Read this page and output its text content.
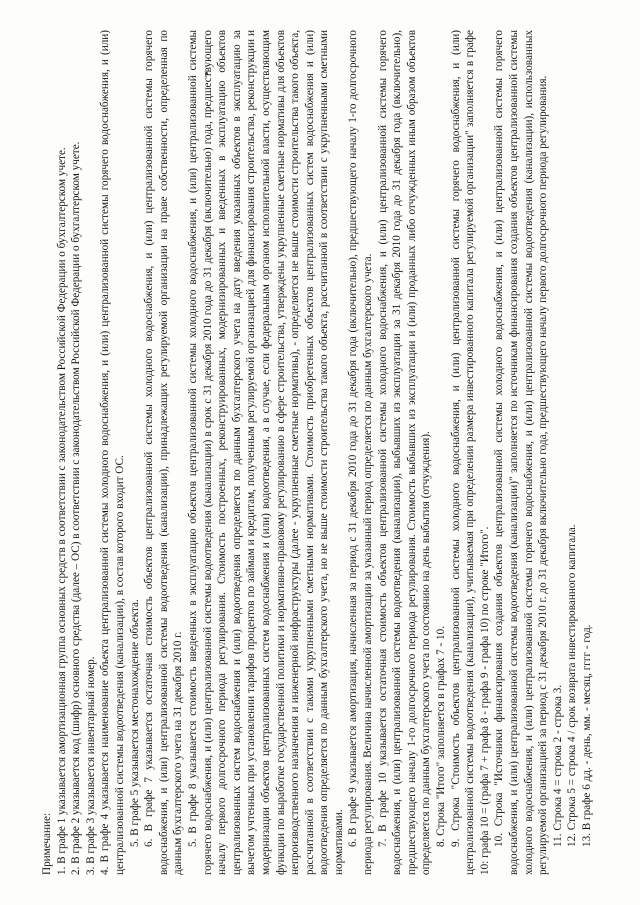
Примечание: 1. В графе 1 указывается амортизационная группа основных средств в соответствии с законодательством Российской Федерации о бухгалтерском учете. 2. В графе 2 указывается код (шифр) основного средства (далее – ОС) в соответствии с законодательством Российской Федерации о бухгалтерском учете. 3. В графе 3 указывается инвентарный номер. 4. В графе 4 указывается наименование объекта централизованной системы холодного водоснабжения, и (или) централизованной системы горячего водоснабжения, и (или) централизованной системы водоотведения (канализации), в состав которого входит ОС. 5. В графе 5 указывается местонахождение объекта. 6. В графе 7 указывается остаточная стоимость объектов централизованной системы холодного водоснабжения, и (или) централизованной системы горячего водоснабжения, и (или) централизованной системы водоотведения (канализации), принадлежащих регулируемой организации на праве собственности, определенная по данным бухгалтерского учета на 31 декабря 2010 г. 5. В графе 8 указывается стоимость введенных в эксплуатацию объектов централизованной системы холодного водоснабжения, и (или) централизованной системы горячего водоснабжения, и (или) централизованной системы водоотведения (канализации) в срок с 31 декабря 2010 года до 31 декабря (включительно) года, предшествующего началу первого долгосрочного периода регулирования. Стоимость построенных, реконструированных, модернизированных и введенных в эксплуатацию объектов централизованных систем водоснабжения и (или) водоотведения определяется по данным бухгалтерского учета на дату введения указанных объектов в эксплуатацию за вычетом учтенных при установлении тарифов процентов по займам и кредитам, полученным регулируемой организацией для финансирования строительства, реконструкции и модернизации объектов централизованных систем водоснабжения и (или) водоотведения, а в случае, если федеральным органом исполнительной власти, осуществляющим функции по выработке государственной политики и нормативно-правовому регулированию в сфере строительства, утверждены укрупненные сметные нормативы для объектов непроизводственного назначения и инженерной инфраструктуры (далее - укрупненные сметные нормативы), - определяется не выше стоимости строительства такого объекта, рассчитанной в соответствии с такими укрупненными сметными нормативами. Стоимость приобретенных объектов централизованных систем водоснабжения и (или) водоотведения определяется по данным бухгалтерского учета, но не выше стоимости строительства такого объекта, рассчитанной в соответствии с укрупненными сметными нормативами. 6. В графе 9 указывается амортизация, начисленная за период с 31 декабря 2010 года до 31 декабря года (включительно), предшествующего началу 1-го долгосрочного периода регулирования. Величина начисленной амортизации за указанный период определяется по данным бухгалтерского учета. 7. В графе 10 указывается остаточная стоимость объектов централизованной системы холодного водоснабжения, и (или) централизованной системы горячего водоснабжения, и (или) централизованной системы водоотведения (канализации), выбывших из эксплуатации за 31 декабря 2010 года до 31 декабря года (включительно), предшествующего началу 1-го долгосрочного периода регулирования. Стоимость выбывших из эксплуатации и (или) проданных либо отчужденных иным образом объектов определяется по данным бухгалтерского учета по состоянию на день выбытия (отчуждения). 8. Строка "Итого" заполняется в графах 7 - 10. 9. Строка "Стоимость объектов централизованной системы холодного водоснабжения, и (или) централизованной системы горячего водоснабжения, и (или) централизованной системы водоотведения (канализации), учитываемая при определении размера инвестированного капитала регулируемой организации" заполняется в графе 10: графа 10 = (графа 7 + графа 8 - графа 9 - графа 10) по строке "Итого". 10. Строка "Источники финансирования создания объектов централизованной системы холодного водоснабжения, и (или) централизованной системы горячего водоснабжения, и (или) централизованной системы водоотведения (канализации)" заполняется по источникам финансирования создания объектов централизованной системы холодного водоснабжения, и (или) централизованной системы горячего водоснабжения, и (или) централизованной системы водоотведения (канализации), использованных регулируемой организацией за период с 31 декабря 2010 г. до 31 декабря включительно года, предшествующего началу первого долгосрочного периода регулирования. 11. Строка 4 = строка 2 - строка 3. 12. Строка 5 = строка 4 / срок возврата инвестированного капитала. 13. В графе 6 дд. - день, мм. - месяц, гггг - год.
